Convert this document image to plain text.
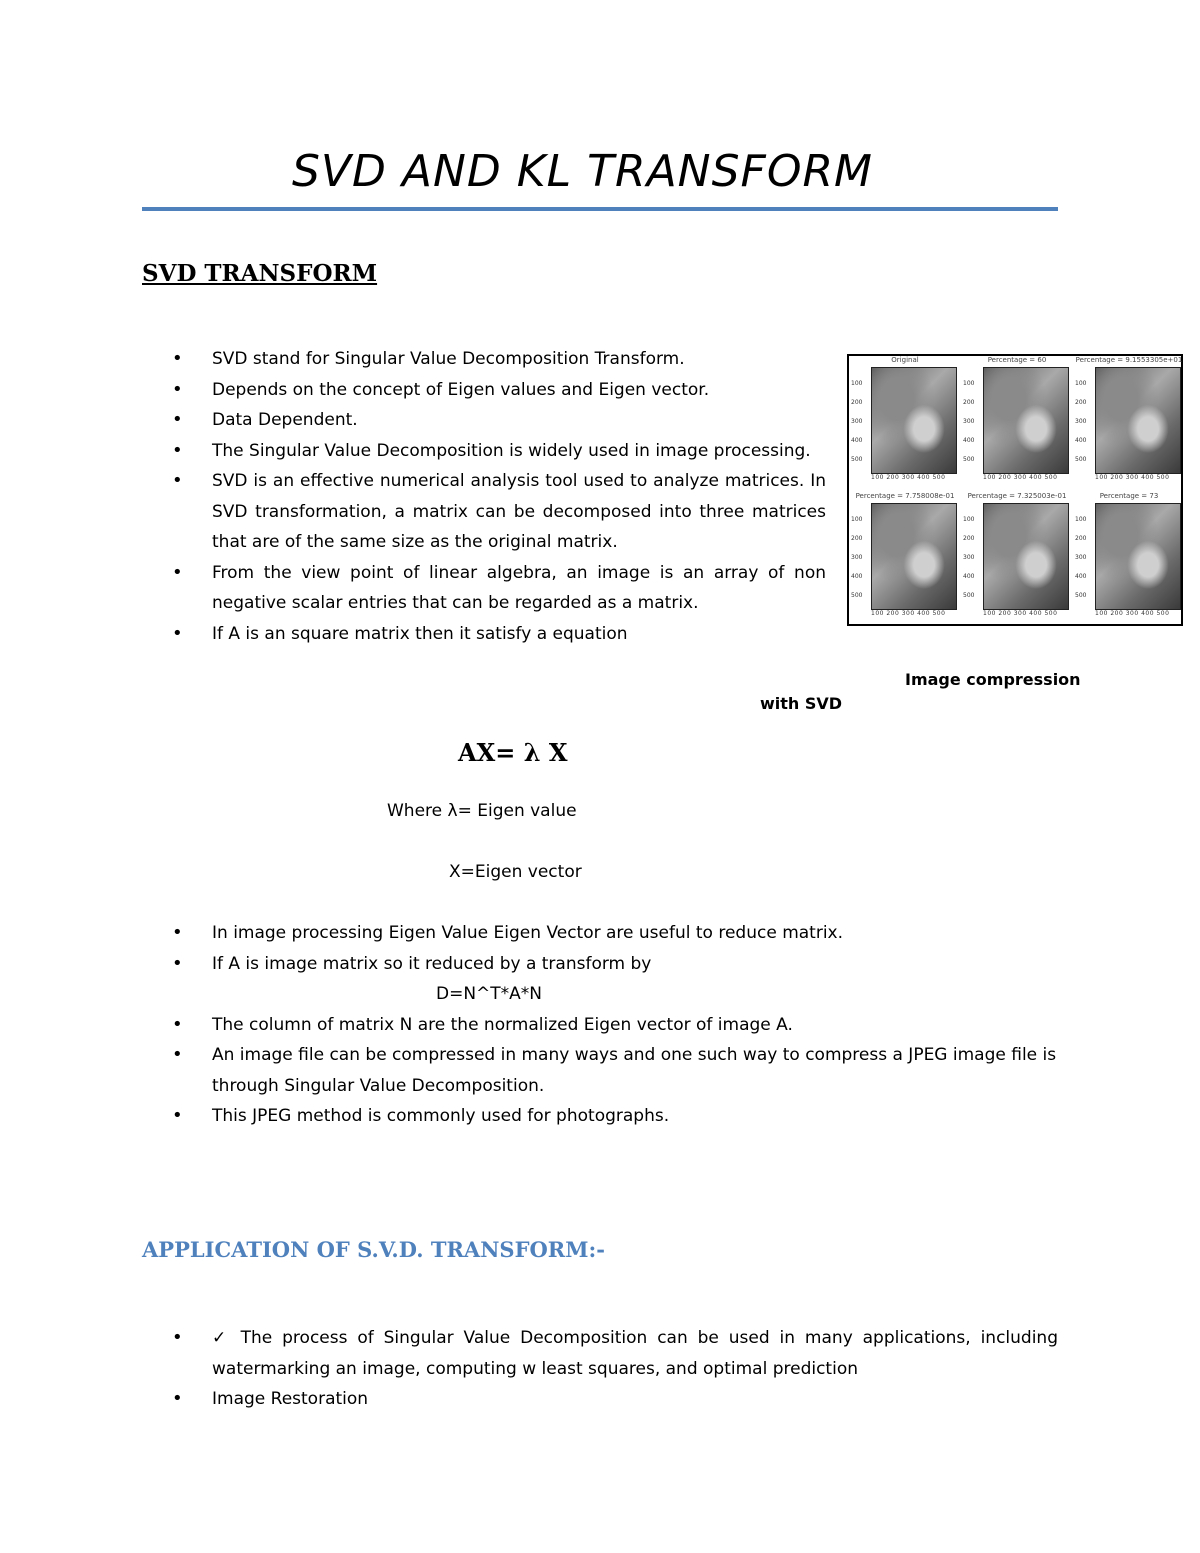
SVD AND KL TRANSFORM
SVD TRANSFORM
• SVD stand for Singular Value Decomposition Transform.
• Depends on the concept of Eigen values and Eigen vector.
• Data Dependent.
• The Singular Value Decomposition is widely used in image processing.
• SVD is an effective numerical analysis tool used to analyze matrices. In SVD transformation, a matrix can be decomposed into three matrices that are of the same size as the original matrix.
• From the view point of linear algebra, an image is an array of non negative scalar entries that can be regarded as a matrix.
• If A is an square matrix then it satisfy a equation
Original
100
200
300
400
500
100 200 300 400 500
Percentage = 60
100
200
300
400
500
100 200 300 400 500
Percentage = 9.1553305e+01
100
200
300
400
500
100 200 300 400 500
Percentage = 7.758008e-01
100
200
300
400
500
100 200 300 400 500
Percentage = 7.325003e-01
100
200
300
400
500
100 200 300 400 500
Percentage = 73
100
200
300
400
500
100 200 300 400 500
Image compression
with SVD
AX= λ X
Where λ= Eigen value
X=Eigen vector
• In image processing Eigen Value Eigen Vector are useful to reduce matrix.
• If A is image matrix so it reduced by a transform by
D=N^T*A*N
• The column of matrix N are the normalized Eigen vector of image A.
• An image file can be compressed in many ways and one such way to compress a JPEG image file is through Singular Value Decomposition.
• This JPEG method is commonly used for photographs.
APPLICATION OF S.V.D. TRANSFORM:-
• ✓ The process of Singular Value Decomposition can be used in many applications, including watermarking an image, computing w least squares, and optimal prediction
• Image Restoration
